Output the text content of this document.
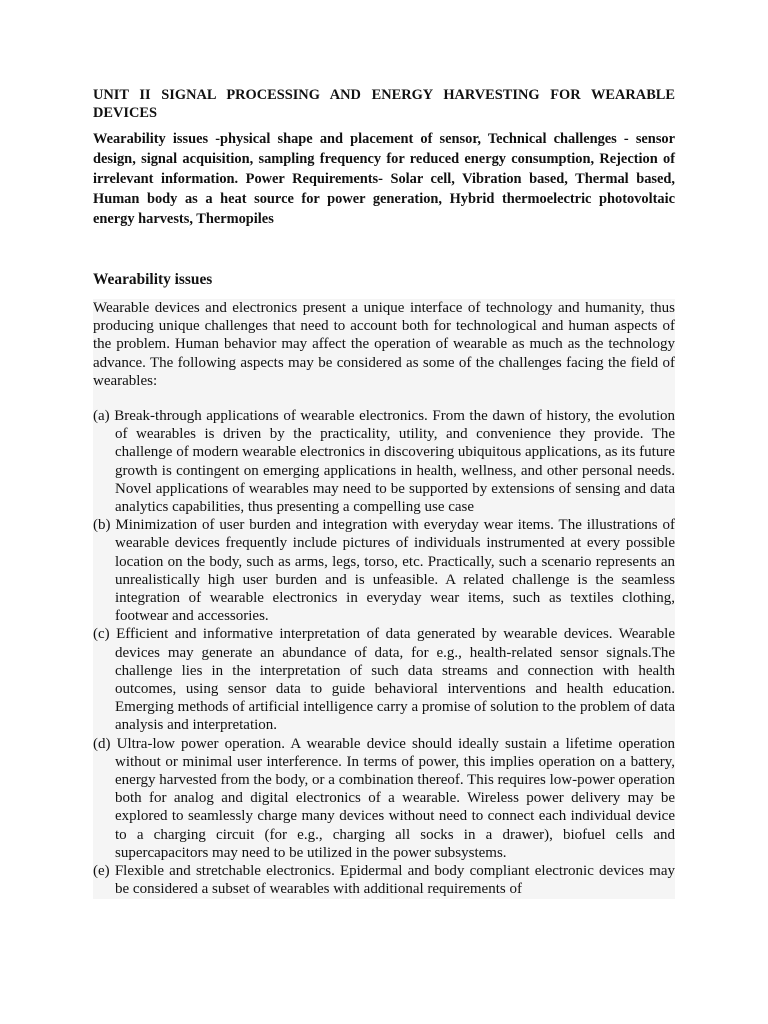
UNIT II SIGNAL PROCESSING AND ENERGY HARVESTING FOR WEARABLE DEVICES
Wearability issues -physical shape and placement of sensor, Technical challenges - sensor design, signal acquisition, sampling frequency for reduced energy consumption, Rejection of irrelevant information. Power Requirements- Solar cell, Vibration based, Thermal based, Human body as a heat source for power generation, Hybrid thermoelectric photovoltaic energy harvests, Thermopiles
Wearability issues

Wearable devices and electronics present a unique interface of technology and humanity, thus producing unique challenges that need to account both for technological and human aspects of the problem. Human behavior may affect the operation of wearable as much as the technology advance. The following aspects may be considered as some of the challenges facing the field of wearables:

(a) Break-through applications of wearable electronics. From the dawn of history, the evolution of wearables is driven by the practicality, utility, and convenience they provide. The challenge of modern wearable electronics in discovering ubiquitous applications, as its future growth is contingent on emerging applications in health, wellness, and other personal needs. Novel applications of wearables may need to be supported by extensions of sensing and data analytics capabilities, thus presenting a compelling use case
(b) Minimization of user burden and integration with everyday wear items. The illustrations of wearable devices frequently include pictures of individuals instrumented at every possible location on the body, such as arms, legs, torso, etc. Practically, such a scenario represents an unrealistically high user burden and is unfeasible. A related challenge is the seamless integration of wearable electronics in everyday wear items, such as textiles clothing, footwear and accessories.
(c) Efficient and informative interpretation of data generated by wearable devices. Wearable devices may generate an abundance of data, for e.g., health-related sensor signals.The challenge lies in the interpretation of such data streams and connection with health outcomes, using sensor data to guide behavioral interventions and health education. Emerging methods of artificial intelligence carry a promise of solution to the problem of data analysis and interpretation.
(d) Ultra-low power operation. A wearable device should ideally sustain a lifetime operation without or minimal user interference. In terms of power, this implies operation on a battery, energy harvested from the body, or a combination thereof. This requires low-power operation both for analog and digital electronics of a wearable. Wireless power delivery may be explored to seamlessly charge many devices without need to connect each individual device to a charging circuit (for e.g., charging all socks in a drawer), biofuel cells and supercapacitors may need to be utilized in the power subsystems.
(e) Flexible and stretchable electronics. Epidermal and body compliant electronic devices may be considered a subset of wearables with additional requirements of
